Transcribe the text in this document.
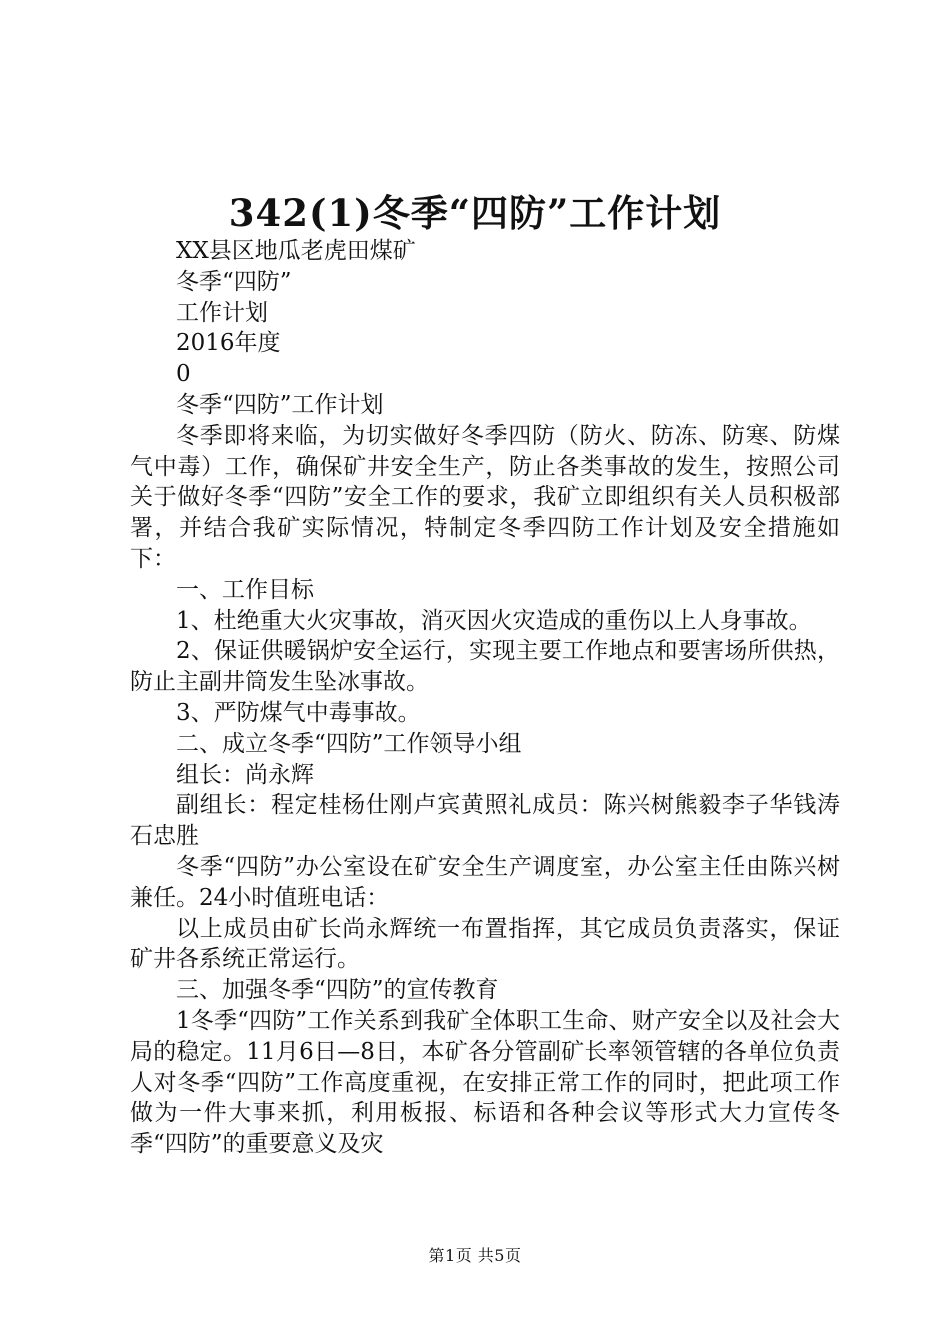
342(1)冬季“四防”工作计划

XX县区地瓜老虎田煤矿

冬季“四防”

工作计划

2016年度

0

冬季“四防”工作计划

冬季即将来临，为切实做好冬季四防（防火、防冻、防寒、防煤气中毒）工作，确保矿井安全生产，防止各类事故的发生，按照公司关于做好冬季“四防”安全工作的要求，我矿立即组织有关人员积极部署，并结合我矿实际情况，特制定冬季四防工作计划及安全措施如下：

一、工作目标

1、杜绝重大火灾事故，消灭因火灾造成的重伤以上人身事故。

2、保证供暖锅炉安全运行，实现主要工作地点和要害场所供热，防止主副井筒发生坠冰事故。

3、严防煤气中毒事故。

二、成立冬季“四防”工作领导小组

组长：尚永辉

副组长：程定桂杨仕刚卢宾黄照礼成员：陈兴树熊毅李子华钱涛石忠胜

冬季“四防”办公室设在矿安全生产调度室，办公室主任由陈兴树兼任。24小时值班电话：

以上成员由矿长尚永辉统一布置指挥，其它成员负责落实，保证矿井各系统正常运行。

三、加强冬季“四防”的宣传教育

1冬季“四防”工作关系到我矿全体职工生命、财产安全以及社会大局的稳定。11月6日—8日，本矿各分管副矿长率领管辖的各单位负责人对冬季“四防”工作高度重视，在安排正常工作的同时，把此项工作做为一件大事来抓，利用板报、标语和各种会议等形式大力宣传冬季“四防”的重要意义及灾

第1页 共5页
